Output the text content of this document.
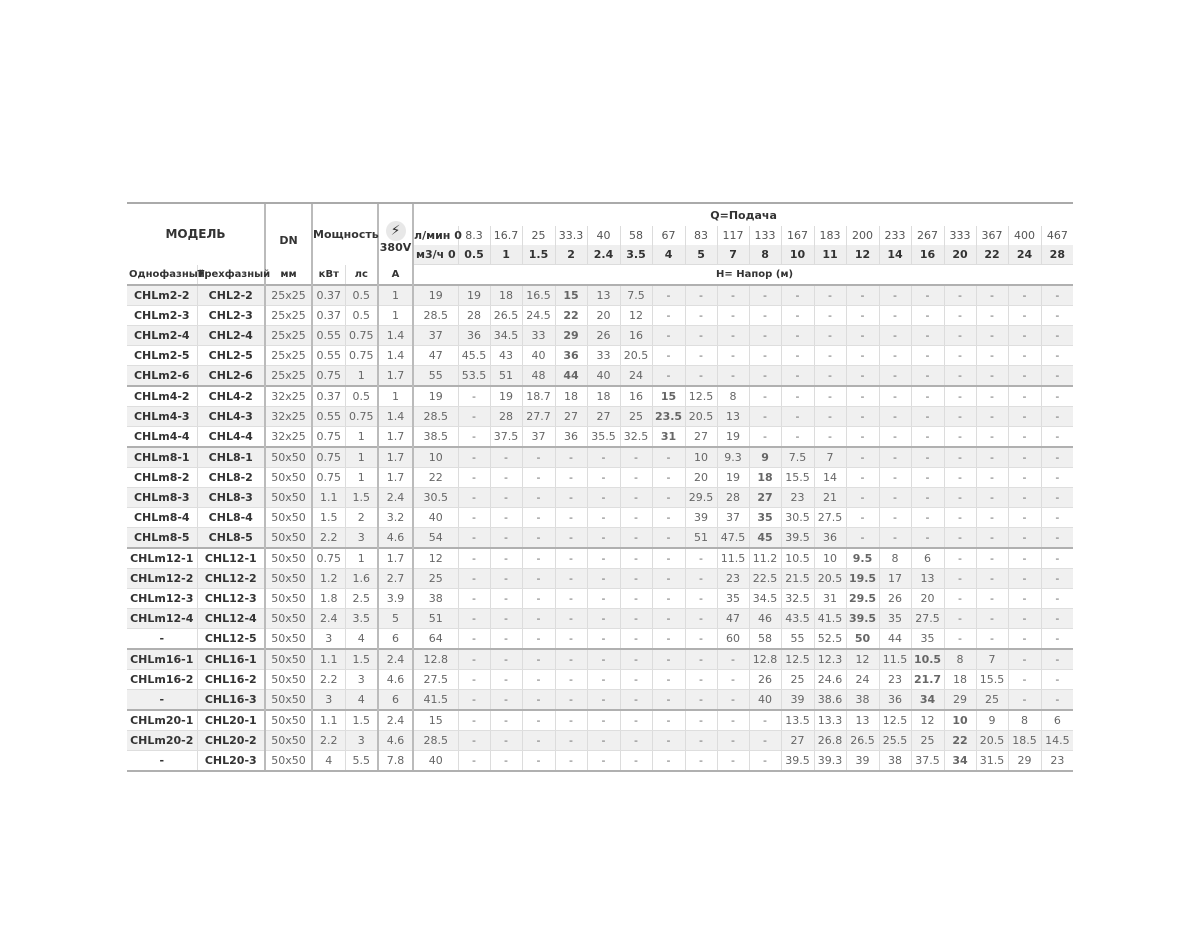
МОДЕЛЬ		DN	Мощность		⚡
380V	Q=Подача																			
						л/мин 0	8.3	16.7	25	33.3	40	58	67	83	117	133	167	183	200	233	267	333	367	400	467
						м3/ч 0	0.5	1	1.5	2	2.4	3.5	4	5	7	8	10	11	12	14	16	20	22	24	28
Однофазный	Трехфазный	мм	кВт	лс	A	H= Напор (м)																			
CHLm2-2	CHL2-2	25x25	0.37	0.5	1	19	19	18	16.5	15	13	7.5	-	-	-	-	-	-	-	-	-	-	-	-	-
CHLm2-3	CHL2-3	25x25	0.37	0.5	1	28.5	28	26.5	24.5	22	20	12	-	-	-	-	-	-	-	-	-	-	-	-	-
CHLm2-4	CHL2-4	25x25	0.55	0.75	1.4	37	36	34.5	33	29	26	16	-	-	-	-	-	-	-	-	-	-	-	-	-
CHLm2-5	CHL2-5	25x25	0.55	0.75	1.4	47	45.5	43	40	36	33	20.5	-	-	-	-	-	-	-	-	-	-	-	-	-
CHLm2-6	CHL2-6	25x25	0.75	1	1.7	55	53.5	51	48	44	40	24	-	-	-	-	-	-	-	-	-	-	-	-	-
CHLm4-2	CHL4-2	32x25	0.37	0.5	1	19	-	19	18.7	18	18	16	15	12.5	8	-	-	-	-	-	-	-	-	-	-
CHLm4-3	CHL4-3	32x25	0.55	0.75	1.4	28.5	-	28	27.7	27	27	25	23.5	20.5	13	-	-	-	-	-	-	-	-	-	-
CHLm4-4	CHL4-4	32x25	0.75	1	1.7	38.5	-	37.5	37	36	35.5	32.5	31	27	19	-	-	-	-	-	-	-	-	-	-
CHLm8-1	CHL8-1	50x50	0.75	1	1.7	10	-	-	-	-	-	-	-	10	9.3	9	7.5	7	-	-	-	-	-	-	-
CHLm8-2	CHL8-2	50x50	0.75	1	1.7	22	-	-	-	-	-	-	-	20	19	18	15.5	14	-	-	-	-	-	-	-
CHLm8-3	CHL8-3	50x50	1.1	1.5	2.4	30.5	-	-	-	-	-	-	-	29.5	28	27	23	21	-	-	-	-	-	-	-
CHLm8-4	CHL8-4	50x50	1.5	2	3.2	40	-	-	-	-	-	-	-	39	37	35	30.5	27.5	-	-	-	-	-	-	-
CHLm8-5	CHL8-5	50x50	2.2	3	4.6	54	-	-	-	-	-	-	-	51	47.5	45	39.5	36	-	-	-	-	-	-	-
CHLm12-1	CHL12-1	50x50	0.75	1	1.7	12	-	-	-	-	-	-	-	-	11.5	11.2	10.5	10	9.5	8	6	-	-	-	-
CHLm12-2	CHL12-2	50x50	1.2	1.6	2.7	25	-	-	-	-	-	-	-	-	23	22.5	21.5	20.5	19.5	17	13	-	-	-	-
CHLm12-3	CHL12-3	50x50	1.8	2.5	3.9	38	-	-	-	-	-	-	-	-	35	34.5	32.5	31	29.5	26	20	-	-	-	-
CHLm12-4	CHL12-4	50x50	2.4	3.5	5	51	-	-	-	-	-	-	-	-	47	46	43.5	41.5	39.5	35	27.5	-	-	-	-
-	CHL12-5	50x50	3	4	6	64	-	-	-	-	-	-	-	-	60	58	55	52.5	50	44	35	-	-	-	-
CHLm16-1	CHL16-1	50x50	1.1	1.5	2.4	12.8	-	-	-	-	-	-	-	-	-	12.8	12.5	12.3	12	11.5	10.5	8	7	-	-
CHLm16-2	CHL16-2	50x50	2.2	3	4.6	27.5	-	-	-	-	-	-	-	-	-	26	25	24.6	24	23	21.7	18	15.5	-	-
-	CHL16-3	50x50	3	4	6	41.5	-	-	-	-	-	-	-	-	-	40	39	38.6	38	36	34	29	25	-	-
CHLm20-1	CHL20-1	50x50	1.1	1.5	2.4	15	-	-	-	-	-	-	-	-	-	-	13.5	13.3	13	12.5	12	10	9	8	6
CHLm20-2	CHL20-2	50x50	2.2	3	4.6	28.5	-	-	-	-	-	-	-	-	-	-	27	26.8	26.5	25.5	25	22	20.5	18.5	14.5
-	CHL20-3	50x50	4	5.5	7.8	40	-	-	-	-	-	-	-	-	-	-	39.5	39.3	39	38	37.5	34	31.5	29	23
